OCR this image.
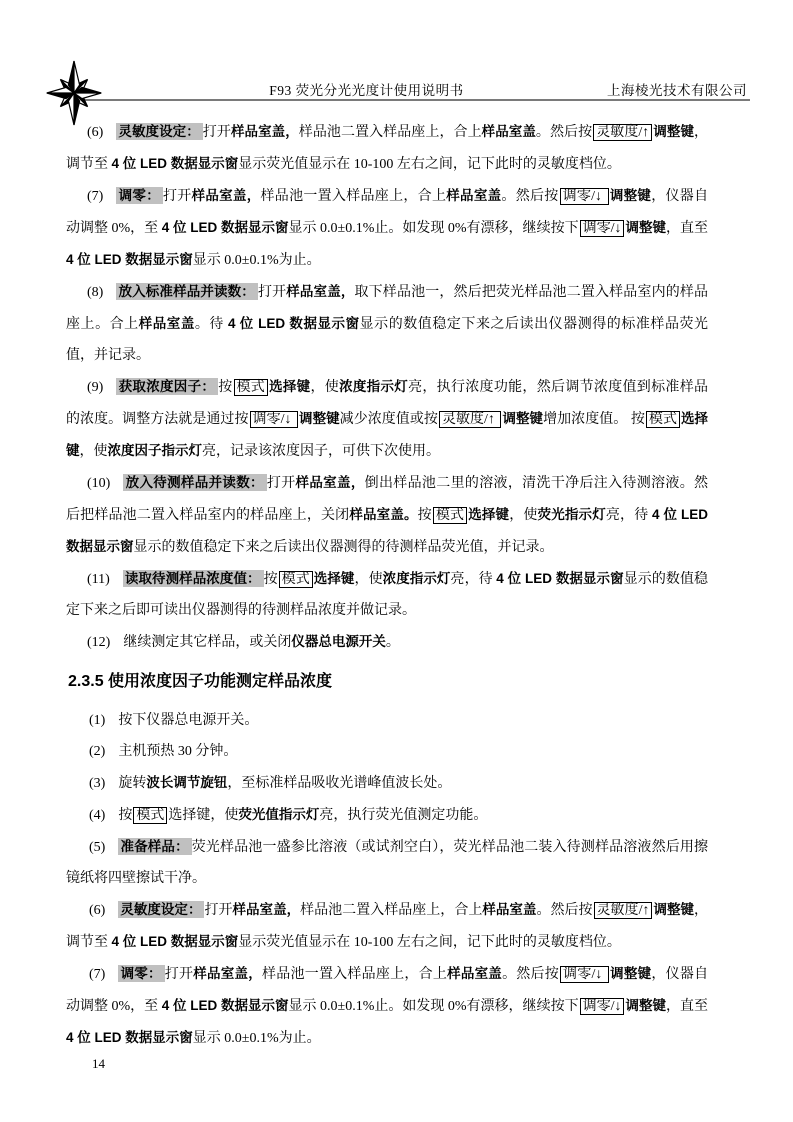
F93 荧光分光光度计使用说明书	上海棱光技术有限公司

(6) 灵敏度设定： 打开样品室盖，样品池二置入样品座上，合上样品室盖。然后按 灵敏度/↑ 调整键，调节至 4 位 LED 数据显示窗显示荧光值显示在 10-100 左右之间，记下此时的灵敏度档位。

(7) 调零： 打开样品室盖，样品池一置入样品座上，合上样品室盖。然后按 调零/↓ 调整键，仪器自动调整 0%，至 4 位 LED 数据显示窗显示 0.0±0.1%止。如发现 0%有漂移，继续按下 调零/↓ 调整键，直至 4 位 LED 数据显示窗显示 0.0±0.1%为止。

(8) 放入标准样品并读数： 打开样品室盖，取下样品池一，然后把荧光样品池二置入样品室内的样品座上。合上样品室盖。待 4 位 LED 数据显示窗显示的数值稳定下来之后读出仪器测得的标准样品荧光值，并记录。

(9) 获取浓度因子： 按 模式 选择键，使浓度指示灯亮，执行浓度功能，然后调节浓度值到标准样品的浓度。调整方法就是通过按 调零/↓ 调整键减少浓度值或按 灵敏度/↑ 调整键增加浓度值。 按 模式 选择键，使浓度因子指示灯亮，记录该浓度因子，可供下次使用。

(10) 放入待测样品并读数： 打开样品室盖，倒出样品池二里的溶液，清洗干净后注入待测溶液。然后把样品池二置入样品室内的样品座上，关闭样品室盖。按 模式 选择键，使荧光指示灯亮，待 4 位 LED 数据显示窗显示的数值稳定下来之后读出仪器测得的待测样品荧光值，并记录。

(11) 读取待测样品浓度值： 按 模式 选择键，使浓度指示灯亮，待 4 位 LED 数据显示窗显示的数值稳定下来之后即可读出仪器测得的待测样品浓度并做记录。

(12) 继续测定其它样品，或关闭仪器总电源开关。

2.3.5 使用浓度因子功能测定样品浓度

(1) 按下仪器总电源开关。

(2) 主机预热 30 分钟。

(3) 旋转波长调节旋钮，至标准样品吸收光谱峰值波长处。

(4) 按 模式 选择键，使荧光值指示灯亮，执行荧光值测定功能。

(5) 准备样品： 荧光样品池一盛参比溶液（或试剂空白），荧光样品池二装入待测样品溶液然后用擦镜纸将四壁擦试干净。

(6) 灵敏度设定： 打开样品室盖，样品池二置入样品座上，合上样品室盖。然后按 灵敏度/↑ 调整键，调节至 4 位 LED 数据显示窗显示荧光值显示在 10-100 左右之间，记下此时的灵敏度档位。

(7) 调零： 打开样品室盖，样品池一置入样品座上，合上样品室盖。然后按 调零/↓ 调整键，仪器自动调整 0%，至 4 位 LED 数据显示窗显示 0.0±0.1%止。如发现 0%有漂移，继续按下 调零/↓ 调整键，直至 4 位 LED 数据显示窗显示 0.0±0.1%为止。

14
